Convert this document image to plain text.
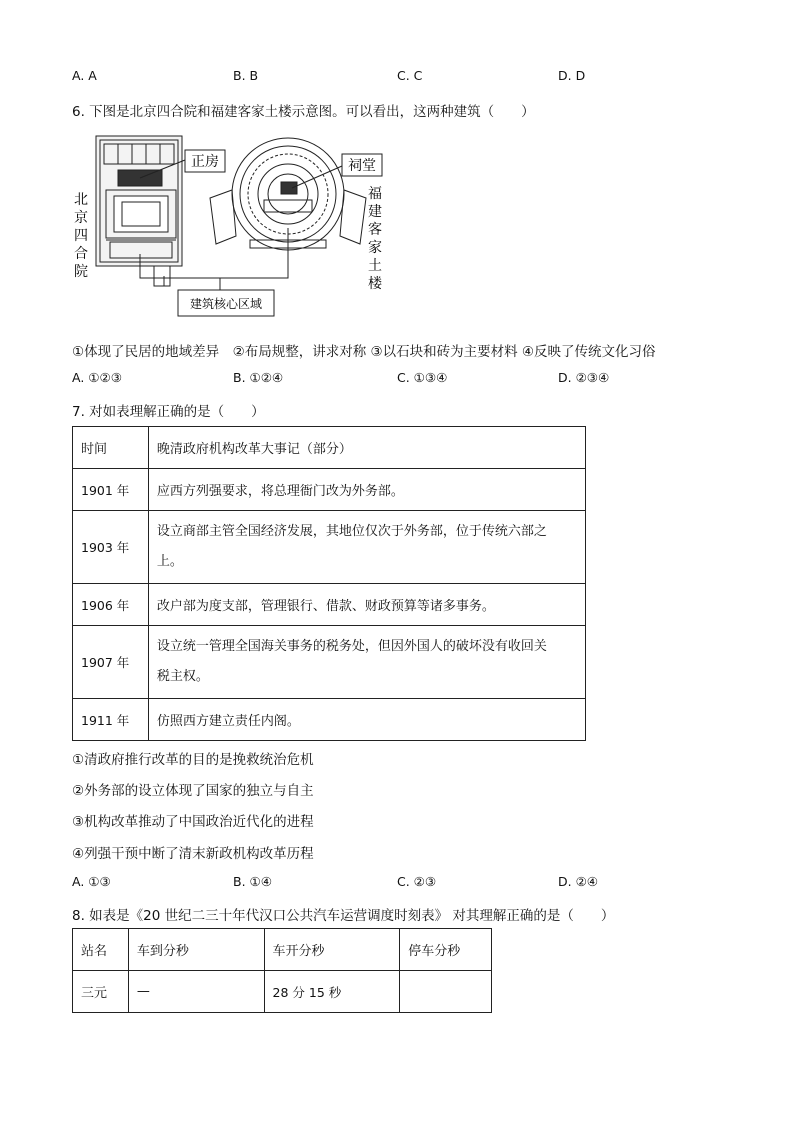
A. A	B. B	C. C	D. D
6. 下图是北京四合院和福建客家土楼示意图。可以看出，这两种建筑（　　）
正房	祠堂
建筑核心区域
北
京
四
合
院
福
建
客
家
土
楼
①体现了民居的地域差异　②布局规整，讲求对称 ③以石块和砖为主要材料 ④反映了传统文化习俗
A. ①②③	B. ①②④	C. ①③④	D. ②③④
7. 对如表理解正确的是（　　）
时间	晚清政府机构改革大事记（部分）
1901 年	应西方列强要求，将总理衙门改为外务部。
1903 年	设立商部主管全国经济发展，其地位仅次于外务部，位于传统六部之
上。

1906 年	改户部为度支部，管理银行、借款、财政预算等诸多事务。
1907 年	设立统一管理全国海关事务的税务处，但因外国人的破坏没有收回关
税主权。

1911 年	仿照西方建立责任内阁。
①清政府推行改革的目的是挽救统治危机
②外务部的设立体现了国家的独立与自主
③机构改革推动了中国政治近代化的进程
④列强干预中断了清末新政机构改革历程
A. ①③	B. ①④	C. ②③	D. ②④
8. 如表是《20 世纪二三十年代汉口公共汽车运营调度时刻表》 对其理解正确的是（　　）
站名	车到分秒	车开分秒	停车分秒
三元	—	28 分 15 秒	
